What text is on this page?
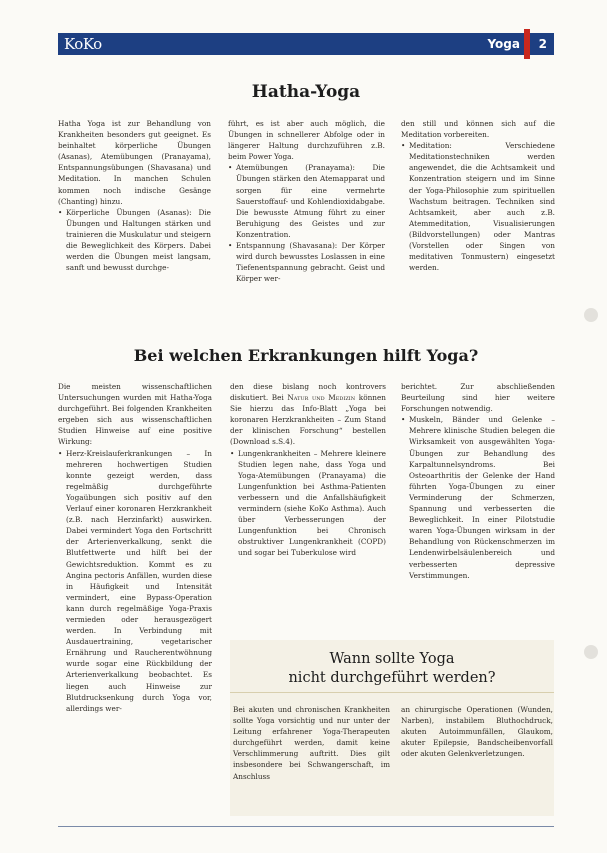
KoKo	Yoga 2
Hatha-Yoga

Hatha Yoga ist zur Behandlung von Krankheiten besonders gut geeignet. Es beinhaltet körperliche Übungen (Asanas), Atemübungen (Pranayama), Entspannungsübungen (Shavasana) und Meditation. In manchen Schulen kommen noch indische Gesänge (Chanting) hinzu.

• Körperliche Übungen (Asanas): Die Übungen und Haltungen stärken und trainieren die Muskulatur und steigern die Beweglichkeit des Körpers. Dabei werden die Übungen meist langsam, sanft und bewusst durchge-

führt, es ist aber auch möglich, die Übungen in schnellerer Abfolge oder in längerer Haltung durchzuführen z.B. beim Power Yoga.

• Atemübungen (Pranayama): Die Übungen stärken den Atemapparat und sorgen für eine vermehrte Sauerstoffauf- und Kohlendioxidabgabe. Die bewusste Atmung führt zu einer Beruhigung des Geistes und zur Konzentration.
• Entspannung (Shavasana): Der Körper wird durch bewusstes Loslassen in eine Tiefenentspannung gebracht. Geist und Körper wer-

den still und können sich auf die Meditation vorbereiten.

• Meditation: Verschiedene Meditationstechniken werden angewendet, die die Achtsamkeit und Konzentration steigern und im Sinne der Yoga-Philosophie zum spirituellen Wachstum beitragen. Techniken sind Achtsamkeit, aber auch z.B. Atemmeditation, Visualisierungen (Bildvorstellungen) oder Mantras (Vorstellen oder Singen von meditativen Tonmustern) eingesetzt werden.
Bei welchen Erkrankungen hilft Yoga?

Die meisten wissenschaftlichen Untersuchungen wurden mit Hatha-Yoga durchgeführt. Bei folgenden Krankheiten ergeben sich aus wissenschaftlichen Studien Hinweise auf eine positive Wirkung:

• Herz-Kreislauferkrankungen – In mehreren hochwertigen Studien konnte gezeigt werden, dass regelmäßig durchgeführte Yogaübungen sich positiv auf den Verlauf einer koronaren Herzkrankheit (z.B. nach Herzinfarkt) auswirken. Dabei vermindert Yoga den Fortschritt der Arterienverkalkung, senkt die Blutfettwerte und hilft bei der Gewichtsreduktion. Kommt es zu Angina pectoris Anfällen, wurden diese in Häufigkeit und Intensität vermindert, eine Bypass-Operation kann durch regelmäßige Yoga-Praxis vermieden oder herausgezögert werden. In Verbindung mit Ausdauertraining, vegetarischer Ernährung und Raucherentwöhnung wurde sogar eine Rückbildung der Arterienverkalkung beobachtet. Es liegen auch Hinweise zur Blutdrucksenkung durch Yoga vor, allerdings wer-

den diese bislang noch kontrovers diskutiert. Bei Natur und Medizin können Sie hierzu das Info-Blatt „Yoga bei koronaren Herzkrankheiten – Zum Stand der klinischen Forschung“ bestellen (Download s.S.4).

• Lungenkrankheiten – Mehrere kleinere Studien legen nahe, dass Yoga und Yoga-Atemübungen (Pranayama) die Lungenfunktion bei Asthma-Patienten verbessern und die Anfallshäufigkeit vermindern (siehe KoKo Asthma). Auch über Verbesserungen der Lungenfunktion bei Chronisch obstruktiver Lungenkrankheit (COPD) und sogar bei Tuberkulose wird

berichtet. Zur abschließenden Beurteilung sind hier weitere Forschungen notwendig.

• Muskeln, Bänder und Gelenke – Mehrere klinische Studien belegen die Wirksamkeit von ausgewählten Yoga-Übungen zur Behandlung des Karpaltunnelsyndroms. Bei Osteoarthritis der Gelenke der Hand führten Yoga-Übungen zu einer Verminderung der Schmerzen, Spannung und verbesserten die Beweglichkeit. In einer Pilotstudie waren Yoga-Übungen wirksam in der Behandlung von Rückenschmerzen im Lendenwirbelsäulenbereich und verbesserten depressive Verstimmungen.
Wann sollte Yoga
nicht durchgeführt werden?
Bei akuten und chronischen Krankheiten sollte Yoga vorsichtig und nur unter der Leitung erfahrener Yoga-Therapeuten durchgeführt werden, damit keine Verschlimmerung auftritt. Dies gilt insbesondere bei Schwangerschaft, im Anschluss
an chirurgische Operationen (Wunden, Narben), instabilem Bluthochdruck, akuten Autoimmunfällen, Glaukom, akuter Epilepsie, Bandscheibenvorfall oder akuten Gelenkverletzungen.
